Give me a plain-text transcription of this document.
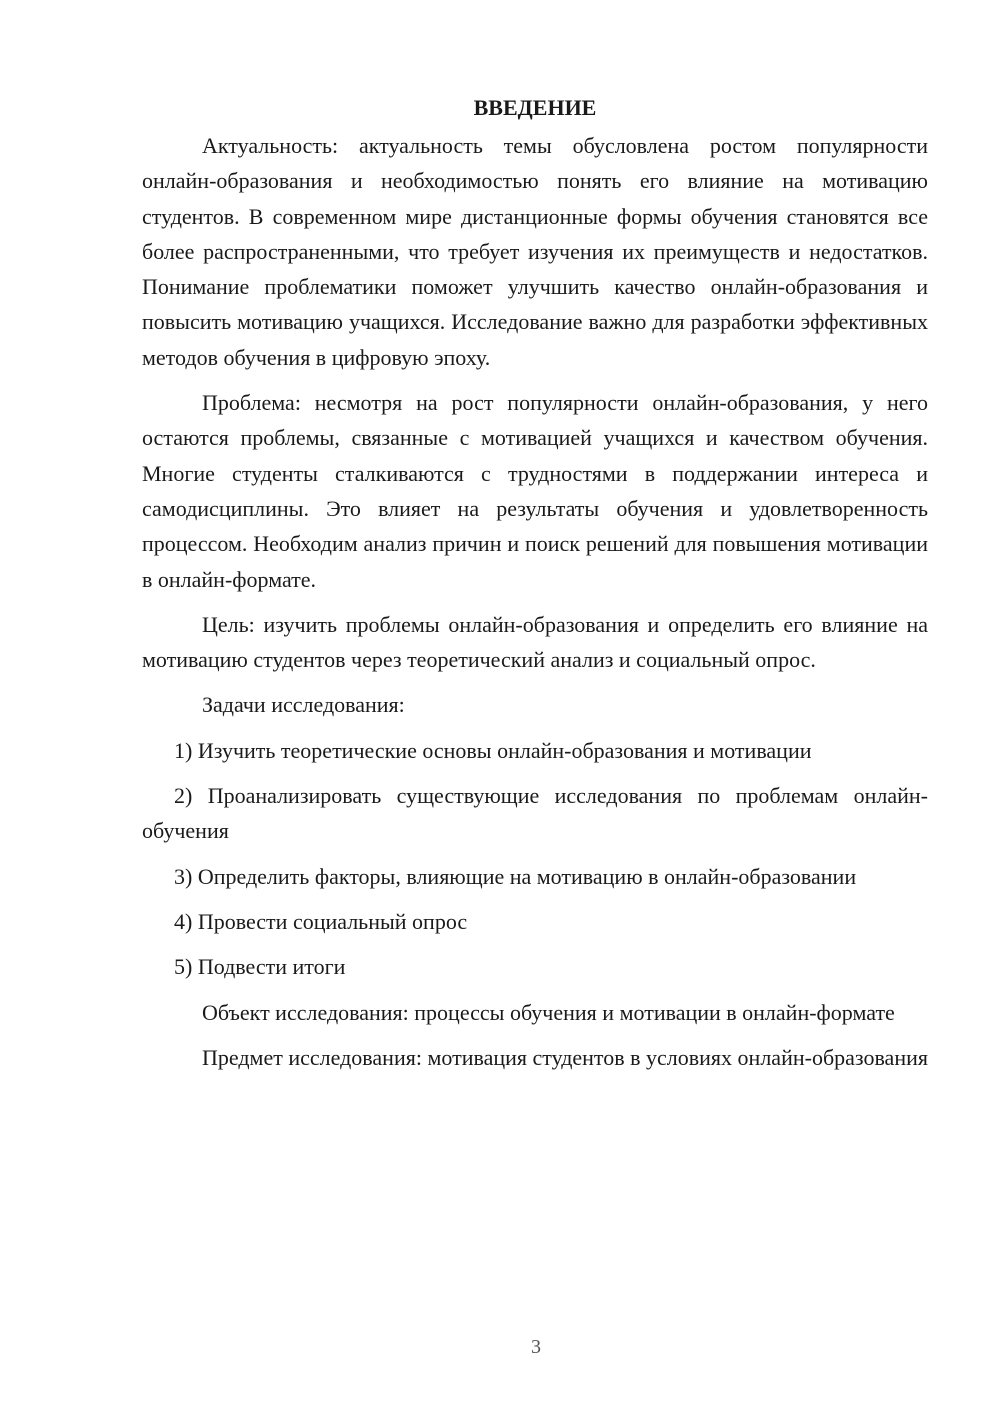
ВВЕДЕНИЕ

Актуальность: актуальность темы обусловлена ростом популярности онлайн-образования и необходимостью понять его влияние на мотивацию студентов. В современном мире дистанционные формы обучения становятся все более распространенными, что требует изучения их преимуществ и недостатков. Понимание проблематики поможет улучшить качество онлайн-образования и повысить мотивацию учащихся. Исследование важно для разработки эффективных методов обучения в цифровую эпоху.

Проблема: несмотря на рост популярности онлайн-образования, у него остаются проблемы, связанные с мотивацией учащихся и качеством обучения. Многие студенты сталкиваются с трудностями в поддержании интереса и самодисциплины. Это влияет на результаты обучения и удовлетворенность процессом. Необходим анализ причин и поиск решений для повышения мотивации в онлайн-формате.

Цель: изучить проблемы онлайн-образования и определить его влияние на мотивацию студентов через теоретический анализ и социальный опрос.

Задачи исследования:

1) Изучить теоретические основы онлайн-образования и мотивации

2) Проанализировать существующие исследования по проблемам онлайн-обучения

3) Определить факторы, влияющие на мотивацию в онлайн-образовании

4) Провести социальный опрос

5) Подвести итоги

Объект исследования: процессы обучения и мотивации в онлайн-формате

Предмет исследования: мотивация студентов в условиях онлайн-образования

3
